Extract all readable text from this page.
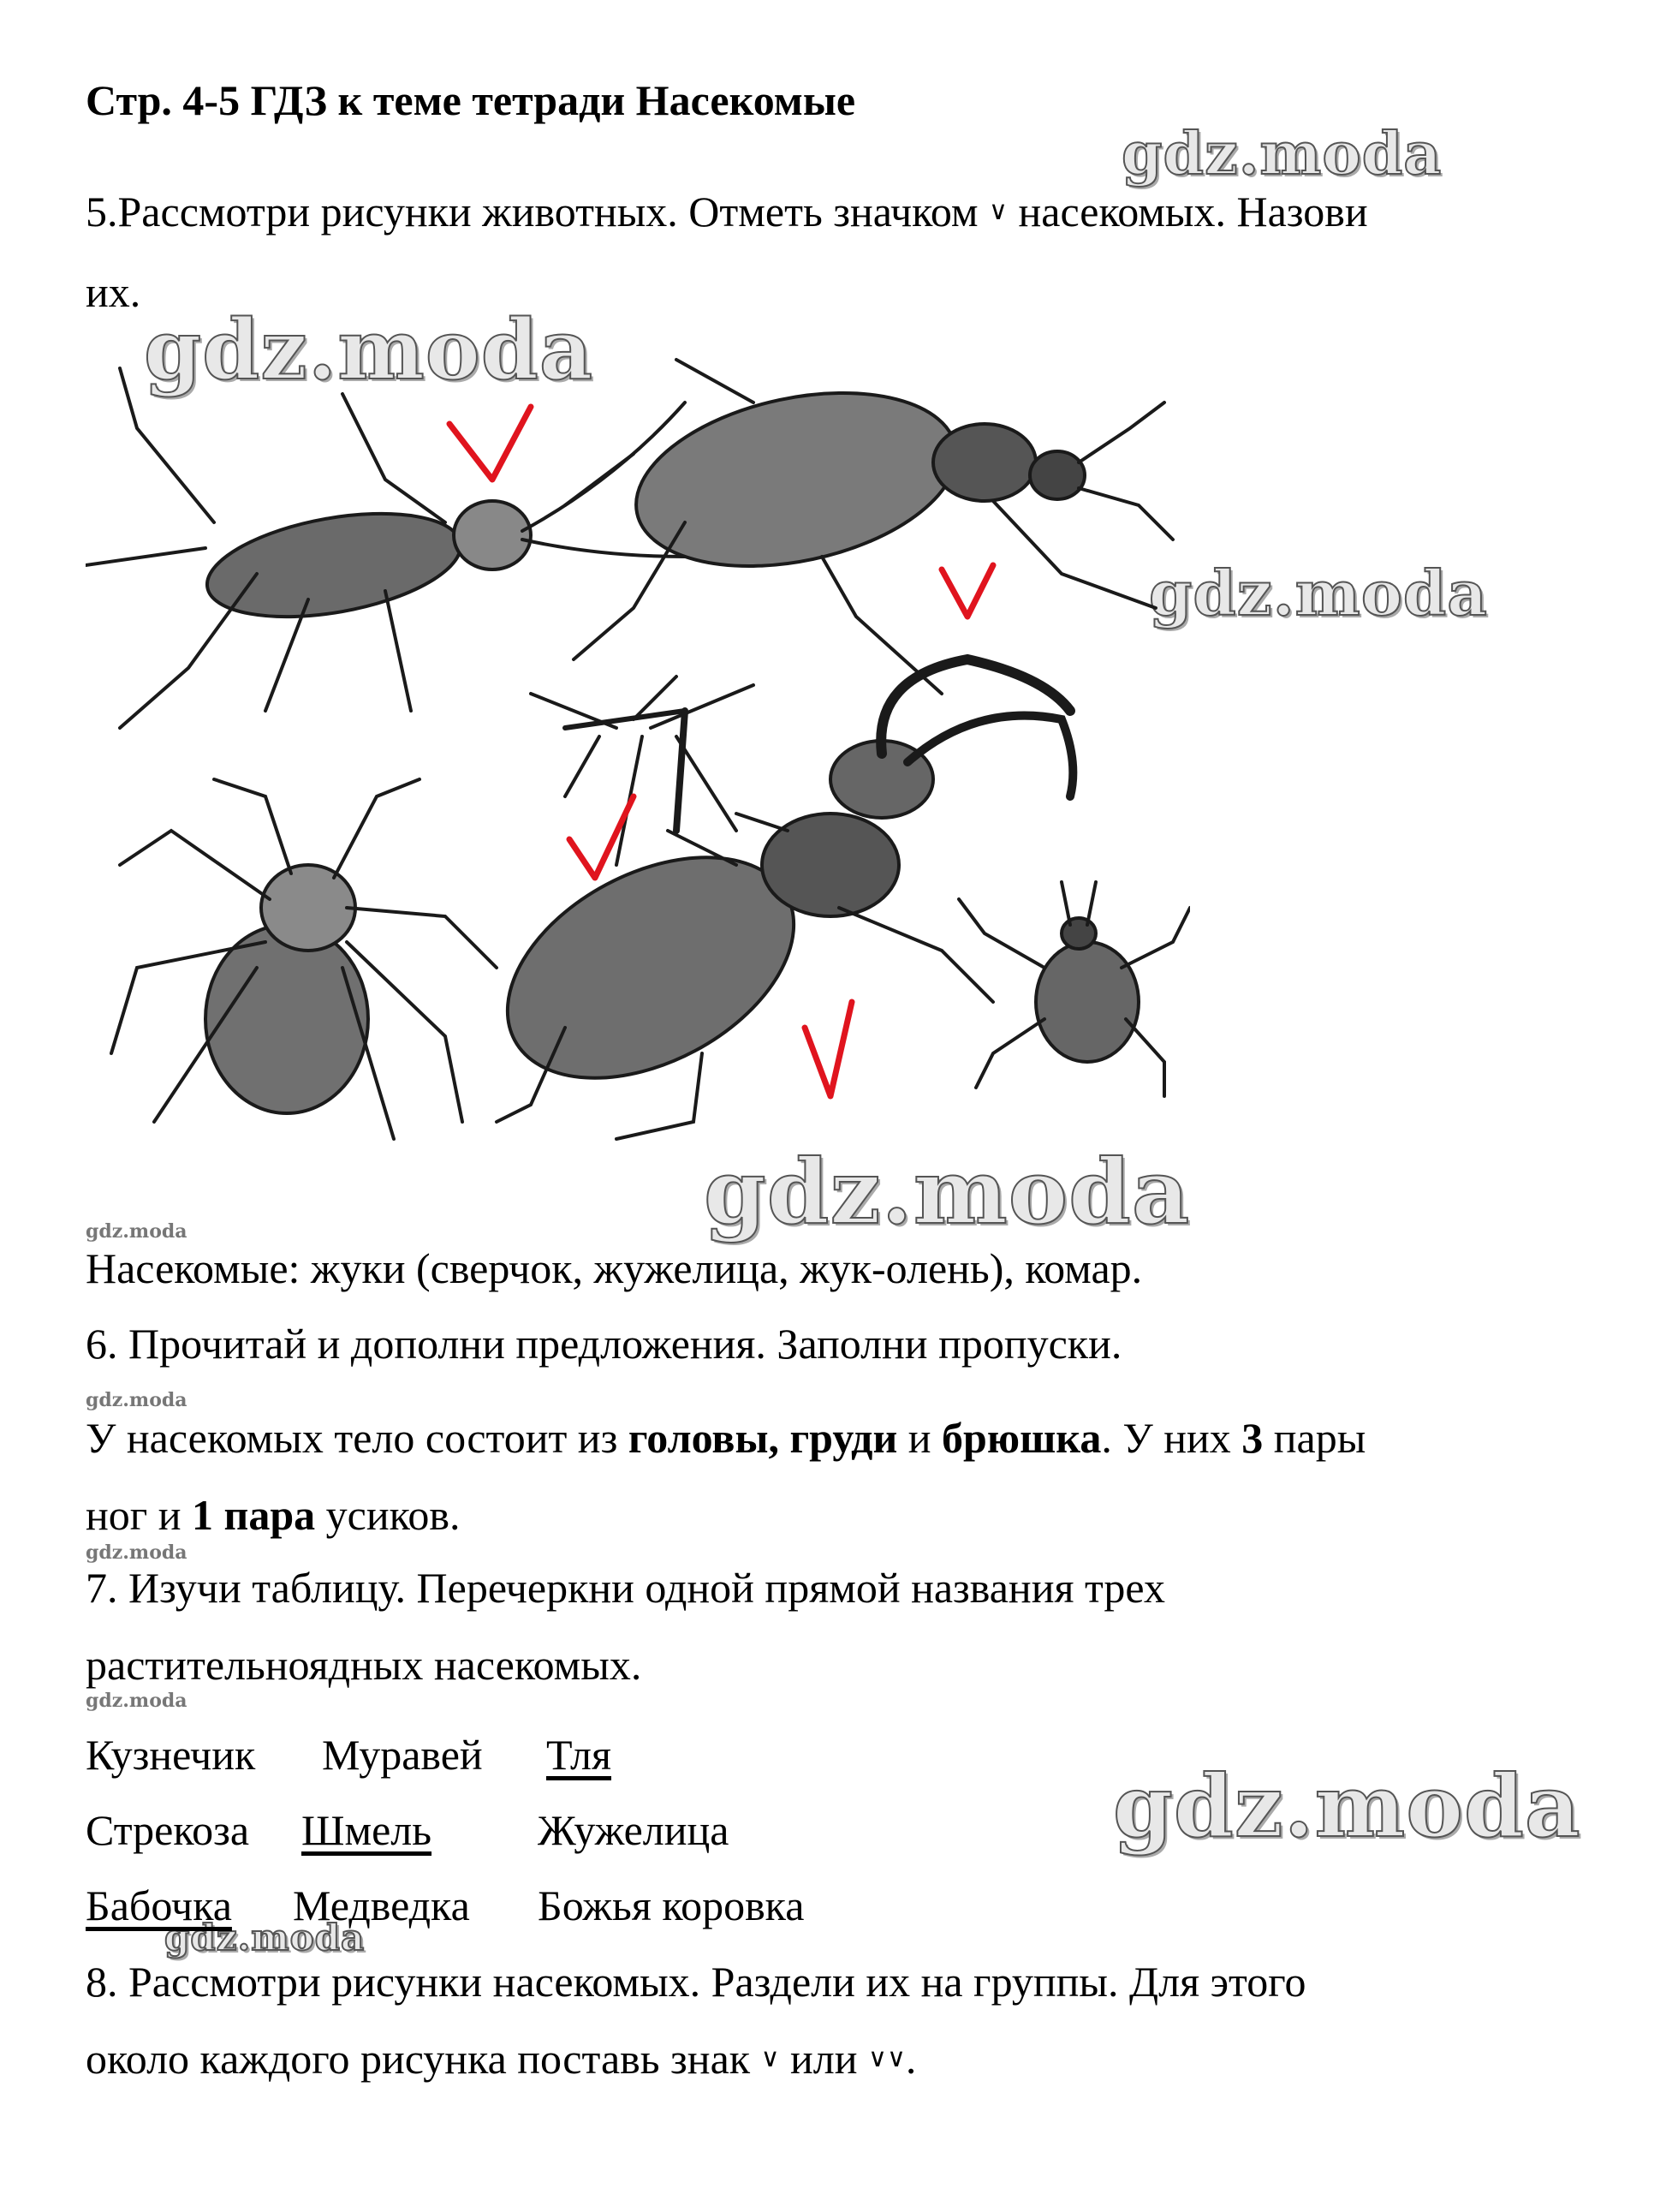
Стр. 4-5 ГДЗ к теме тетради Насекомые
gdz.moda
gdz.moda
gdz.moda
gdz.moda
gdz.moda
gdz.moda
gdz.moda
gdz.moda
gdz.moda
gdz.moda
5.Рассмотри рисунки животных. Отметь значком ∨ насекомых. Назови
их.
Насекомые: жуки (сверчок, жужелица, жук-олень), комар.
6. Прочитай и дополни предложения. Заполни пропуски.
У насекомых тело состоит из головы, груди и брюшка. У них 3 пары
ног и 1 пара усиков.
7. Изучи таблицу. Перечеркни одной прямой названия трех
растительноядных насекомых.
Кузнечик Муравей Тля
Стрекоза Шмель Жужелица
Бабочка Медведка Божья коровка
8. Рассмотри рисунки насекомых. Раздели их на группы. Для этого
около каждого рисунка поставь знак ∨ или ∨∨.
